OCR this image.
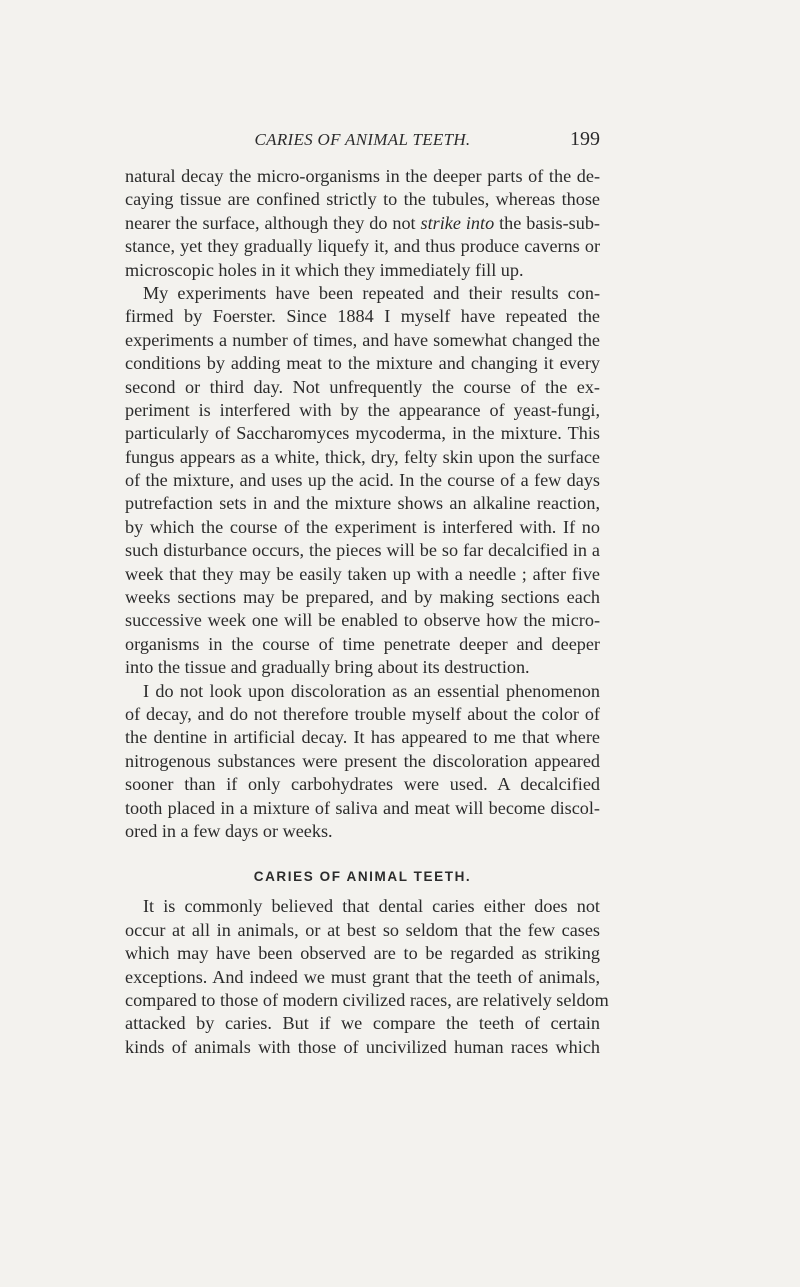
CARIES OF ANIMAL TEETH.	199
natural decay the micro-organisms in the deeper parts of the de-
caying tissue are confined strictly to the tubules, whereas those
nearer the surface, although they do not strike into the basis-sub-
stance, yet they gradually liquefy it, and thus produce caverns or
microscopic holes in it which they immediately fill up.
My experiments have been repeated and their results con-
firmed by Foerster. Since 1884 I myself have repeated the
experiments a number of times, and have somewhat changed the
conditions by adding meat to the mixture and changing it every
second or third day. Not unfrequently the course of the ex-
periment is interfered with by the appearance of yeast-fungi,
particularly of Saccharomyces mycoderma, in the mixture. This
fungus appears as a white, thick, dry, felty skin upon the surface
of the mixture, and uses up the acid. In the course of a few days
putrefaction sets in and the mixture shows an alkaline reaction,
by which the course of the experiment is interfered with. If no
such disturbance occurs, the pieces will be so far decalcified in a
week that they may be easily taken up with a needle ; after five
weeks sections may be prepared, and by making sections each
successive week one will be enabled to observe how the micro-
organisms in the course of time penetrate deeper and deeper
into the tissue and gradually bring about its destruction.
I do not look upon discoloration as an essential phenomenon
of decay, and do not therefore trouble myself about the color of
the dentine in artificial decay. It has appeared to me that where
nitrogenous substances were present the discoloration appeared
sooner than if only carbohydrates were used. A decalcified
tooth placed in a mixture of saliva and meat will become discol-
ored in a few days or weeks.
CARIES OF ANIMAL TEETH.
It is commonly believed that dental caries either does not
occur at all in animals, or at best so seldom that the few cases
which may have been observed are to be regarded as striking
exceptions. And indeed we must grant that the teeth of animals,
compared to those of modern civilized races, are relatively seldom
attacked by caries. But if we compare the teeth of certain
kinds of animals with those of uncivilized human races which
